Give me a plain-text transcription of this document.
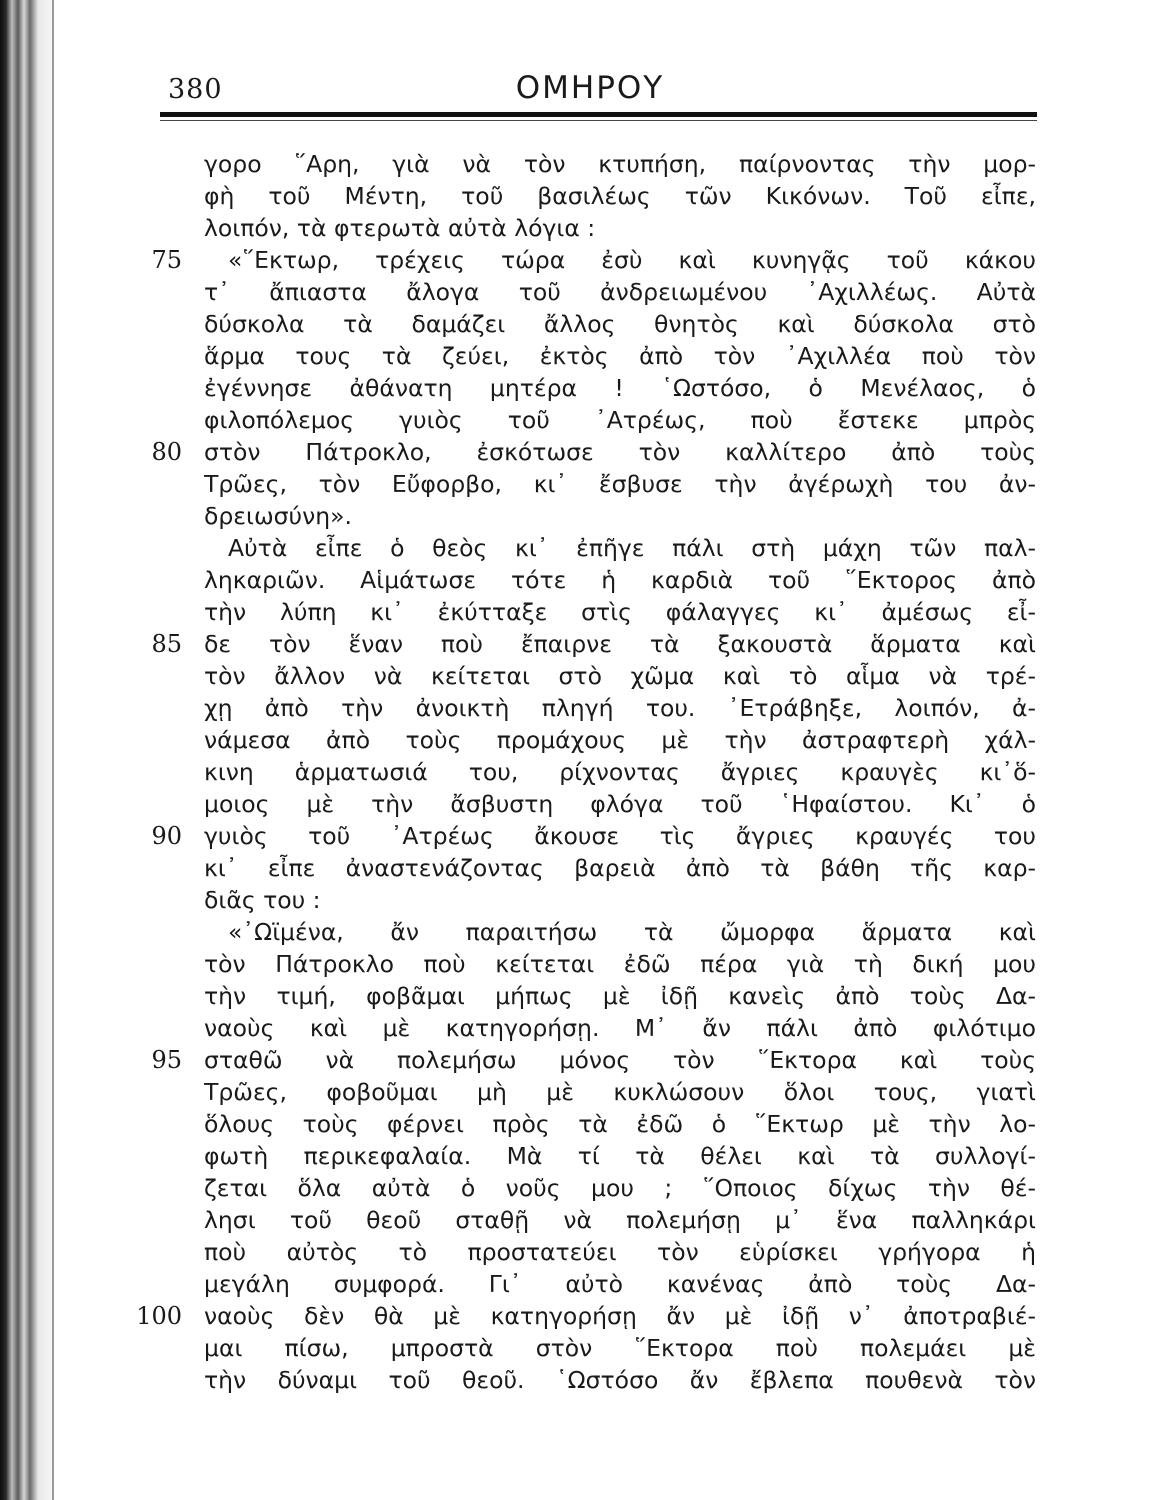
380	ΟΜΗΡΟΥ
γορο ῞Αρη, γιὰ νὰ τὸν κτυπήση, παίρνοντας τὴν μορ-
φὴ τοῦ Μέντη, τοῦ βασιλέως τῶν Κικόνων. Τοῦ εἶπε,
λοιπόν, τὰ φτερωτὰ αὐτὰ λόγια :
«῞Εκτωρ, τρέχεις τώρα ἐσὺ καὶ κυνηγᾷς τοῦ κάκου
τ᾽ ἄπιαστα ἄλογα τοῦ ἀνδρειωμένου ᾽Αχιλλέως. Αὐτὰ
δύσκολα τὰ δαμάζει ἄλλος θνητὸς καὶ δύσκολα στὸ
ἅρμα τους τὰ ζεύει, ἐκτὸς ἀπὸ τὸν ᾽Αχιλλέα ποὺ τὸν
ἐγέννησε ἀθάνατη μητέρα ! ῾Ωστόσο, ὁ Μενέλαος, ὁ
φιλοπόλεμος γυιὸς τοῦ ᾽Ατρέως, ποὺ ἔστεκε μπρὸς
στὸν Πάτροκλο, ἐσκότωσε τὸν καλλίτερο ἀπὸ τοὺς
Τρῶες, τὸν Εὔφορβο, κι᾽ ἔσβυσε τὴν ἀγέρωχὴ του ἀν-
δρειωσύνη».
Αὐτὰ εἶπε ὁ θεὸς κι᾽ ἐπῆγε πάλι στὴ μάχη τῶν παλ-
ληκαριῶν. Αἱμάτωσε τότε ἡ καρδιὰ τοῦ ῞Εκτορος ἀπὸ
τὴν λύπη κι᾽ ἐκύτταξε στὶς φάλαγγες κι᾽ ἀμέσως εἶ-
δε τὸν ἕναν ποὺ ἔπαιρνε τὰ ξακουστὰ ἅρματα καὶ
τὸν ἄλλον νὰ κείτεται στὸ χῶμα καὶ τὸ αἷμα νὰ τρέ-
χῃ ἀπὸ τὴν ἀνοικτὴ πληγή του. ᾽Ετράβηξε, λοιπόν, ἀ-
νάμεσα ἀπὸ τοὺς προμάχους μὲ τὴν ἀστραφτερὴ χάλ-
κινη ἁρματωσιά του, ρίχνοντας ἄγριες κραυγὲς κι᾽ὅ-
μοιος μὲ τὴν ἄσβυστη φλόγα τοῦ ῾Ηφαίστου. Κι᾽ ὁ
γυιὸς τοῦ ᾽Ατρέως ἄκουσε τὶς ἄγριες κραυγές του
κι᾽ εἶπε ἀναστενάζοντας βαρειὰ ἀπὸ τὰ βάθη τῆς καρ-
διᾶς του :
«᾽Ωϊμένα, ἄν παραιτήσω τὰ ὤμορφα ἅρματα καὶ
τὸν Πάτροκλο ποὺ κείτεται ἐδῶ πέρα γιὰ τὴ δική μου
τὴν τιμή, φοβᾶμαι μήπως μὲ ἰδῇ κανεὶς ἀπὸ τοὺς Δα-
ναοὺς καὶ μὲ κατηγορήσῃ. Μ᾽ ἄν πάλι ἀπὸ φιλότιμο
σταθῶ νὰ πολεμήσω μόνος τὸν ῞Εκτορα καὶ τοὺς
Τρῶες, φοβοῦμαι μὴ μὲ κυκλώσουν ὅλοι τους, γιατὶ
ὅλους τοὺς φέρνει πρὸς τὰ ἐδῶ ὁ ῞Εκτωρ μὲ τὴν λο-
φωτὴ περικεφαλαία. Μὰ τί τὰ θέλει καὶ τὰ συλλογί-
ζεται ὅλα αὐτὰ ὁ νοῦς μου ; ῞Οποιος δίχως τὴν θέ-
λησι τοῦ θεοῦ σταθῇ νὰ πολεμήσῃ μ᾽ ἕνα παλληκάρι
ποὺ αὐτὸς τὸ προστατεύει τὸν εὑρίσκει γρήγορα ἡ
μεγάλη συμφορά. Γι᾽ αὐτὸ κανένας ἀπὸ τοὺς Δα-
ναοὺς δὲν θὰ μὲ κατηγορήσῃ ἄν μὲ ἰδῇ ν᾽ ἀποτραβιέ-
μαι πίσω, μπροστὰ στὸν ῞Εκτορα ποὺ πολεμάει μὲ
τὴν δύναμι τοῦ θεοῦ. ῾Ωστόσο ἄν ἔβλεπα πουθενὰ τὸν
75
80
85
90
95
100
